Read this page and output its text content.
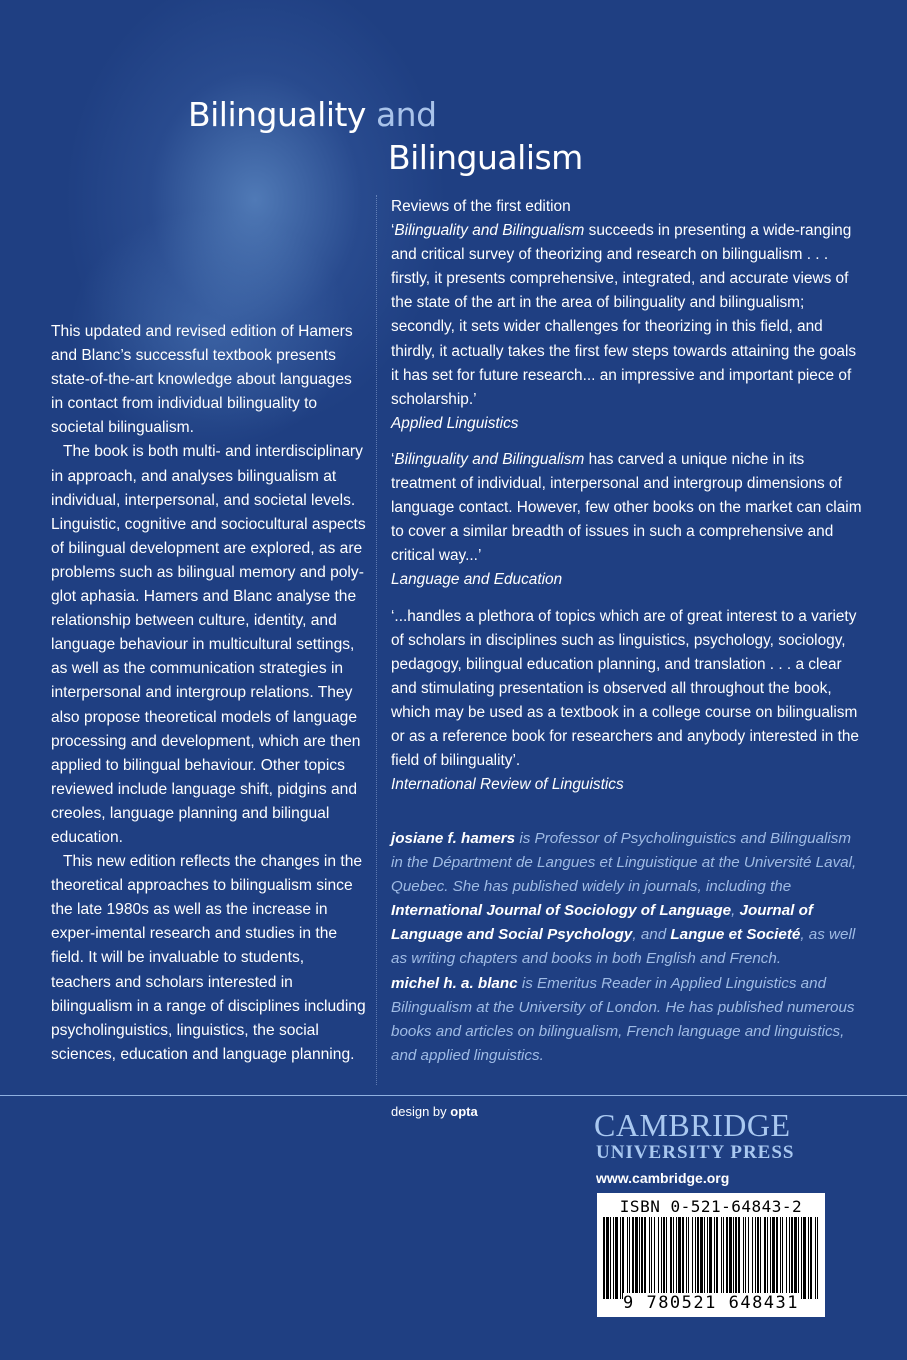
Bilinguality and
Bilingualism

This updated and revised edition of Hamers and Blanc’s successful textbook presents state-of-the-art knowledge about languages in contact from individual bilinguality to societal bilingualism.

The book is both multi- and interdisciplinary in approach, and analyses bilingualism at individual, interpersonal, and societal levels. Linguistic, cognitive and sociocultural aspects of bilingual development are explored, as are problems such as bilingual memory and poly-glot aphasia. Hamers and Blanc analyse the relationship between culture, identity, and language behaviour in multicultural settings, as well as the communication strategies in interpersonal and intergroup relations. They also propose theoretical models of language processing and development, which are then applied to bilingual behaviour. Other topics reviewed include language shift, pidgins and creoles, language planning and bilingual education.

This new edition reflects the changes in the theoretical approaches to bilingualism since the late 1980s as well as the increase in exper-imental research and studies in the field. It will be invaluable to students, teachers and scholars interested in bilingualism in a range of disciplines including psycholinguistics, linguistics, the social sciences, education and language planning.

Reviews of the first edition

‘Bilinguality and Bilingualism succeeds in presenting a wide-ranging and critical survey of theorizing and research on bilingualism . . . firstly, it presents comprehensive, integrated, and accurate views of the state of the art in the area of bilinguality and bilingualism; secondly, it sets wider challenges for theorizing in this field, and thirdly, it actually takes the first few steps towards attaining the goals it has set for future research... an impressive and important piece of scholarship.’

Applied Linguistics

‘Bilinguality and Bilingualism has carved a unique niche in its treatment of individual, interpersonal and intergroup dimensions of language contact. However, few other books on the market can claim to cover a similar breadth of issues in such a comprehensive and critical way...’

Language and Education

‘...handles a plethora of topics which are of great interest to a variety of scholars in disciplines such as linguistics, psychology, sociology, pedagogy, bilingual education planning, and translation . . . a clear and stimulating presentation is observed all throughout the book, which may be used as a textbook in a college course on bilingualism or as a reference book for researchers and anybody interested in the field of bilinguality’.

International Review of Linguistics

josiane f. hamers is Professor of Psycholinguistics and Bilingualism in the Départment de Langues et Linguistique at the Université Laval, Quebec. She has published widely in journals, including the International Journal of Sociology of Language, Journal of Language and Social Psychology, and Langue et Societé, as well as writing chapters and books in both English and French.

michel h. a. blanc is Emeritus Reader in Applied Linguistics and Bilingualism at the University of London. He has published numerous books and articles on bilingualism, French language and linguistics, and applied linguistics.

design by opta	CAMBRIDGE
UNIVERSITY PRESS
www.cambridge.org
ISBN 0-521-64843-2
9 780521 648431
